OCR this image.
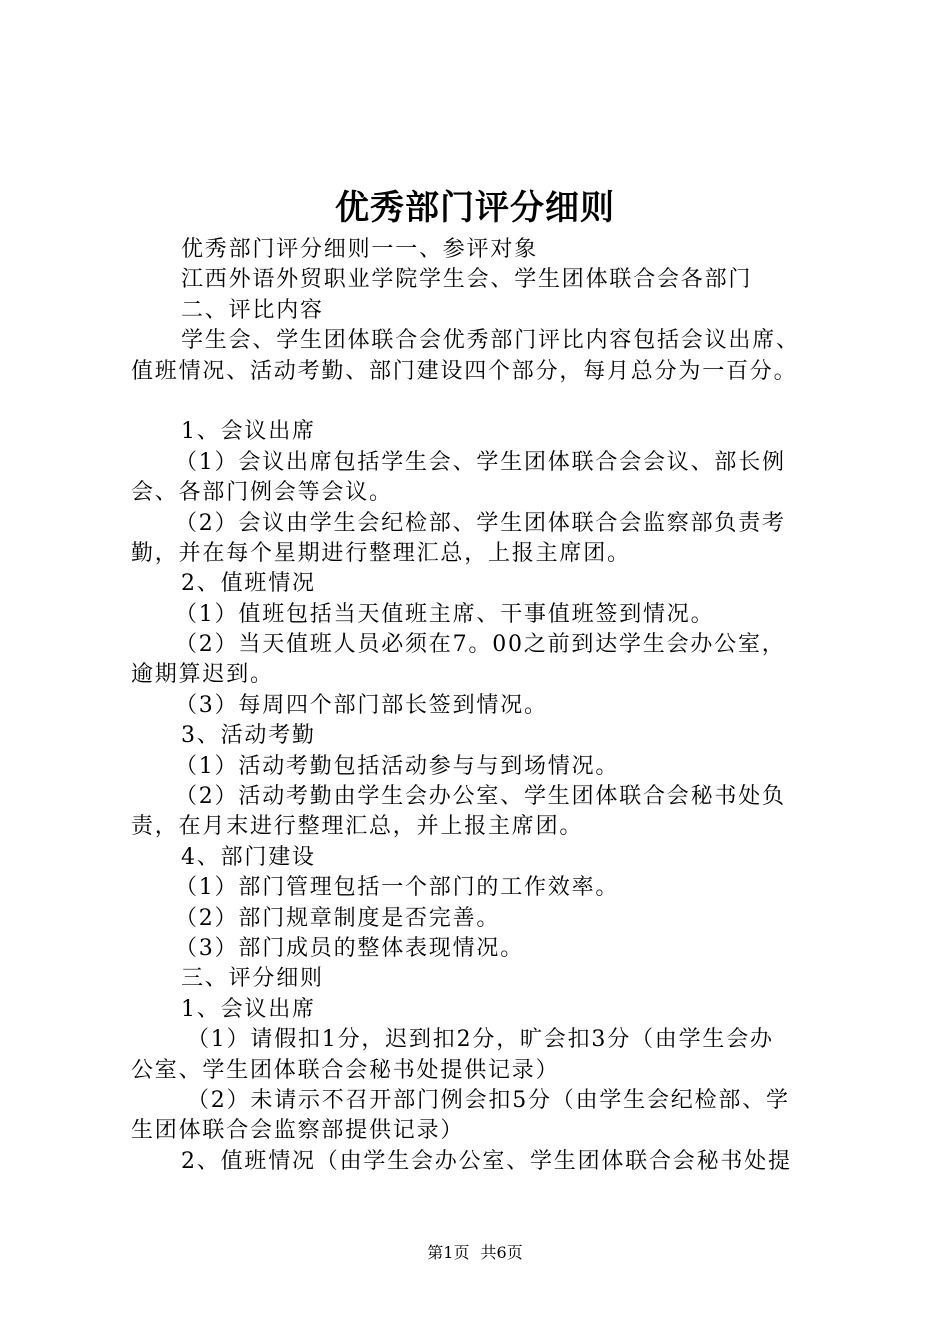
优秀部门评分细则
优秀部门评分细则一一、参评对象
江西外语外贸职业学院学生会、学生团体联合会各部门
二、评比内容
学生会、学生团体联合会优秀部门评比内容包括会议出席、
值班情况、活动考勤、部门建设四个部分，每月总分为一百分。
1、会议出席
（1）会议出席包括学生会、学生团体联合会会议、部长例
会、各部门例会等会议。
（2）会议由学生会纪检部、学生团体联合会监察部负责考
勤，并在每个星期进行整理汇总，上报主席团。
2、值班情况
（1）值班包括当天值班主席、干事值班签到情况。
（2）当天值班人员必须在7。00之前到达学生会办公室，
逾期算迟到。
（3）每周四个部门部长签到情况。
3、活动考勤
（1）活动考勤包括活动参与与到场情况。
（2）活动考勤由学生会办公室、学生团体联合会秘书处负
责，在月末进行整理汇总，并上报主席团。
4、部门建设
（1）部门管理包括一个部门的工作效率。
（2）部门规章制度是否完善。
（3）部门成员的整体表现情况。
三、评分细则
1、会议出席
（1）请假扣1分，迟到扣2分，旷会扣3分（由学生会办
公室、学生团体联合会秘书处提供记录）
（2）未请示不召开部门例会扣5分（由学生会纪检部、学
生团体联合会监察部提供记录）
2、值班情况（由学生会办公室、学生团体联合会秘书处提
第1页 共6页
